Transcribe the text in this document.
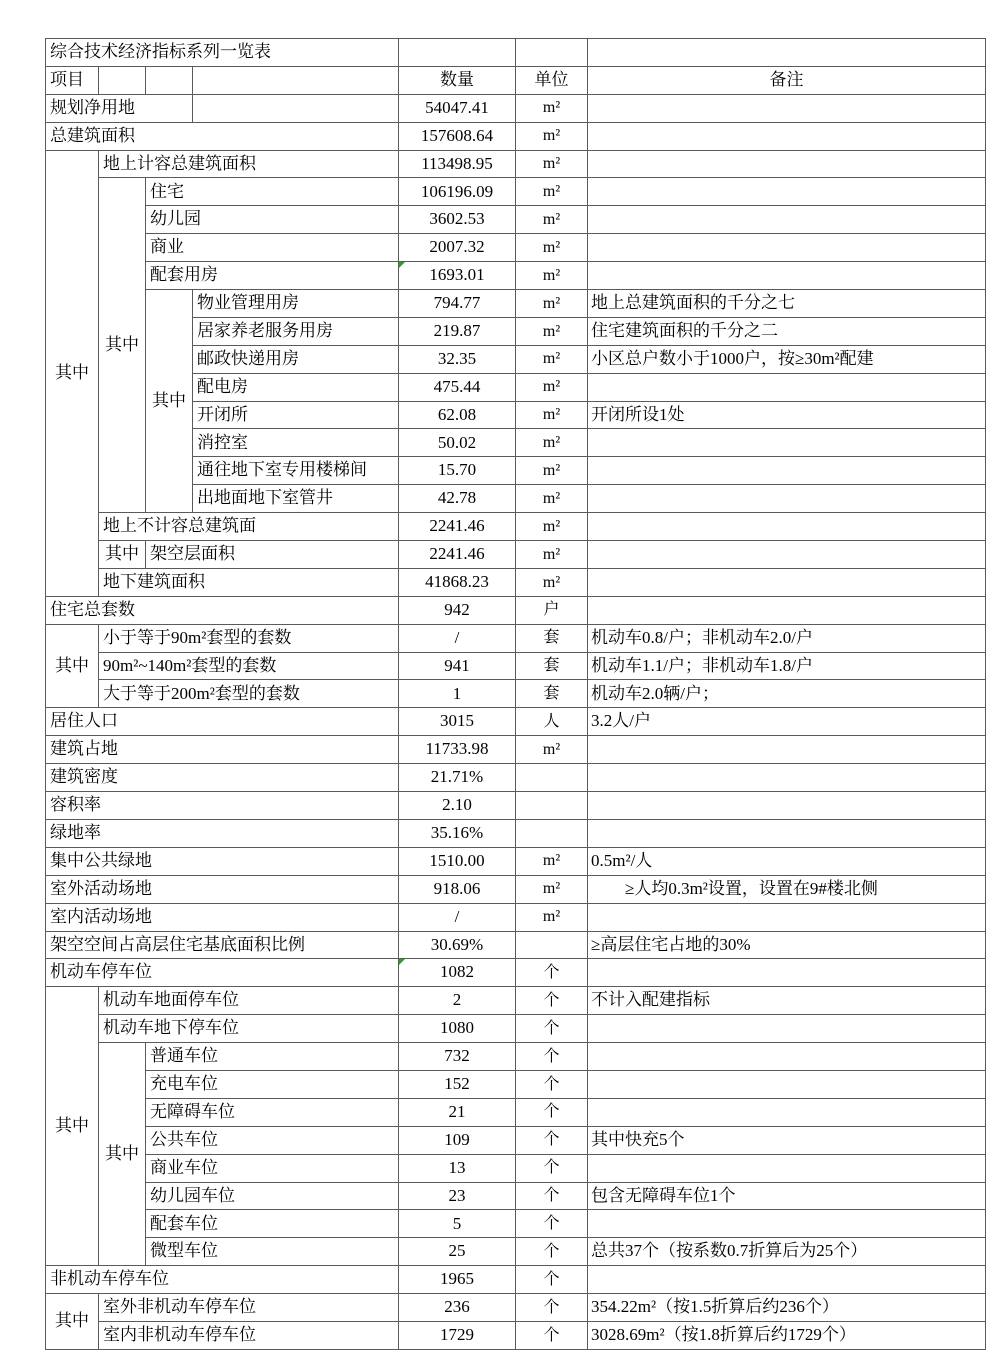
综合技术经济指标系列一览表						
项目				数量	单位	备注
规划净用地				54047.41	m²	
总建筑面积				157608.64	m²	
其中	地上计容总建筑面积			113498.95	m²	
	其中	住宅		106196.09	m²	
		幼儿园		3602.53	m²	
		商业		2007.32	m²	
		配套用房		1693.01	m²	
		其中	物业管理用房	794.77	m²	地上总建筑面积的千分之七
			居家养老服务用房	219.87	m²	住宅建筑面积的千分之二
			邮政快递用房	32.35	m²	小区总户数小于1000户，按≥30m²配建
			配电房	475.44	m²	
			开闭所	62.08	m²	开闭所设1处
			消控室	50.02	m²	
			通往地下室专用楼梯间	15.70	m²	
			出地面地下室管井	42.78	m²	
	地上不计容总建筑面			2241.46	m²	
	其中	架空层面积		2241.46	m²	
	地下建筑面积			41868.23	m²	
住宅总套数				942	户	
其中	小于等于90m²套型的套数			/	套	机动车0.8/户；非机动车2.0/户
	90m²~140m²套型的套数			941	套	机动车1.1/户；非机动车1.8/户
	大于等于200m²套型的套数			1	套	机动车2.0辆/户；
居住人口				3015	人	3.2人/户
建筑占地				11733.98	m²	
建筑密度				21.71%		
容积率				2.10		
绿地率				35.16%		
集中公共绿地				1510.00	m²	0.5m²/人
室外活动场地				918.06	m²	　　≥人均0.3m²设置，设置在9#楼北侧
室内活动场地				/	m²	
架空空间占高层住宅基底面积比例				30.69%		≥高层住宅占地的30%
机动车停车位				1082	个	
其中	机动车地面停车位			2	个	不计入配建指标
	机动车地下停车位			1080	个	
	其中	普通车位		732	个	
		充电车位		152	个	
		无障碍车位		21	个	
		公共车位		109	个	其中快充5个
		商业车位		13	个	
		幼儿园车位		23	个	包含无障碍车位1个
		配套车位		5	个	
		微型车位		25	个	总共37个（按系数0.7折算后为25个）
非机动车停车位				1965	个	
其中	室外非机动车停车位			236	个	354.22m²（按1.5折算后约236个）
	室内非机动车停车位			1729	个	3028.69m²（按1.8折算后约1729个）
